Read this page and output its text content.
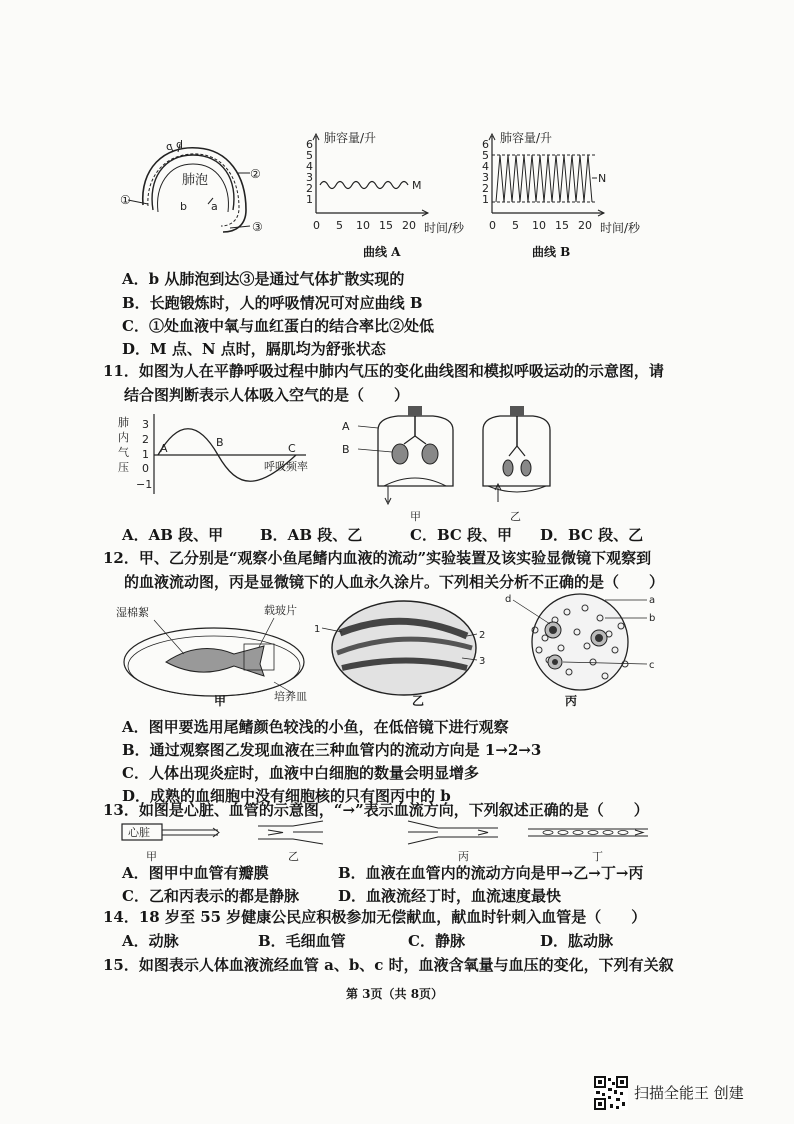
c d
①
②
③
肺泡
b a
6
5
4
3
2
1
0 5 10 15 20
肺容量/升
时间/秒
M
曲线 A
6
5
4
3
2
1
0 5 10 15 20
肺容量/升
时间/秒
N
曲线 B
A．b 从肺泡到达③是通过气体扩散实现的
B．长跑锻炼时，人的呼吸情况可对应曲线 B
C．①处血液中氧与血红蛋白的结合率比②处低
D．M 点、N 点时，膈肌均为舒张状态
11．如图为人在平静呼吸过程中肺内气压的变化曲线图和模拟呼吸运动的示意图，请
结合图判断表示人体吸入空气的是（　　）
肺
内
气
压
3
2
1
0
−1
A	B	C
呼吸频率
A
B
甲	乙
A．AB 段、甲 B．AB 段、乙	C．BC 段、甲 D．BC 段、乙
12．甲、乙分别是“观察小鱼尾鳍内血液的流动”实验装置及该实验显微镜下观察到
的血液流动图，丙是显微镜下的人血永久涂片。下列相关分析不正确的是（　　）
湿棉絮	载玻片
培养皿
甲
1
2
3
乙
d	a
b
c
丙
A．图甲要选用尾鳍颜色较浅的小鱼，在低倍镜下进行观察
B．通过观察图乙发现血液在三种血管内的流动方向是 1→2→3
C．人体出现炎症时，血液中白细胞的数量会明显增多
D．成熟的血细胞中没有细胞核的只有图丙中的 b
13．如图是心脏、血管的示意图，“→”表示血流方向，下列叙述正确的是（　　）
心脏
甲	乙	丙	丁
A．图甲中血管有瓣膜	B．血液在血管内的流动方向是甲→乙→丁→丙
C．乙和丙表示的都是静脉	D．血液流经丁时，血流速度最快
14．18 岁至 55 岁健康公民应积极参加无偿献血，献血时针刺入血管是（　　）
A．动脉	B．毛细血管	C．静脉	D．肱动脉
15．如图表示人体血液流经血管 a、b、c 时，血液含氧量与血压的变化，下列有关叙
第 3页（共 8页）
扫描全能王 创建
